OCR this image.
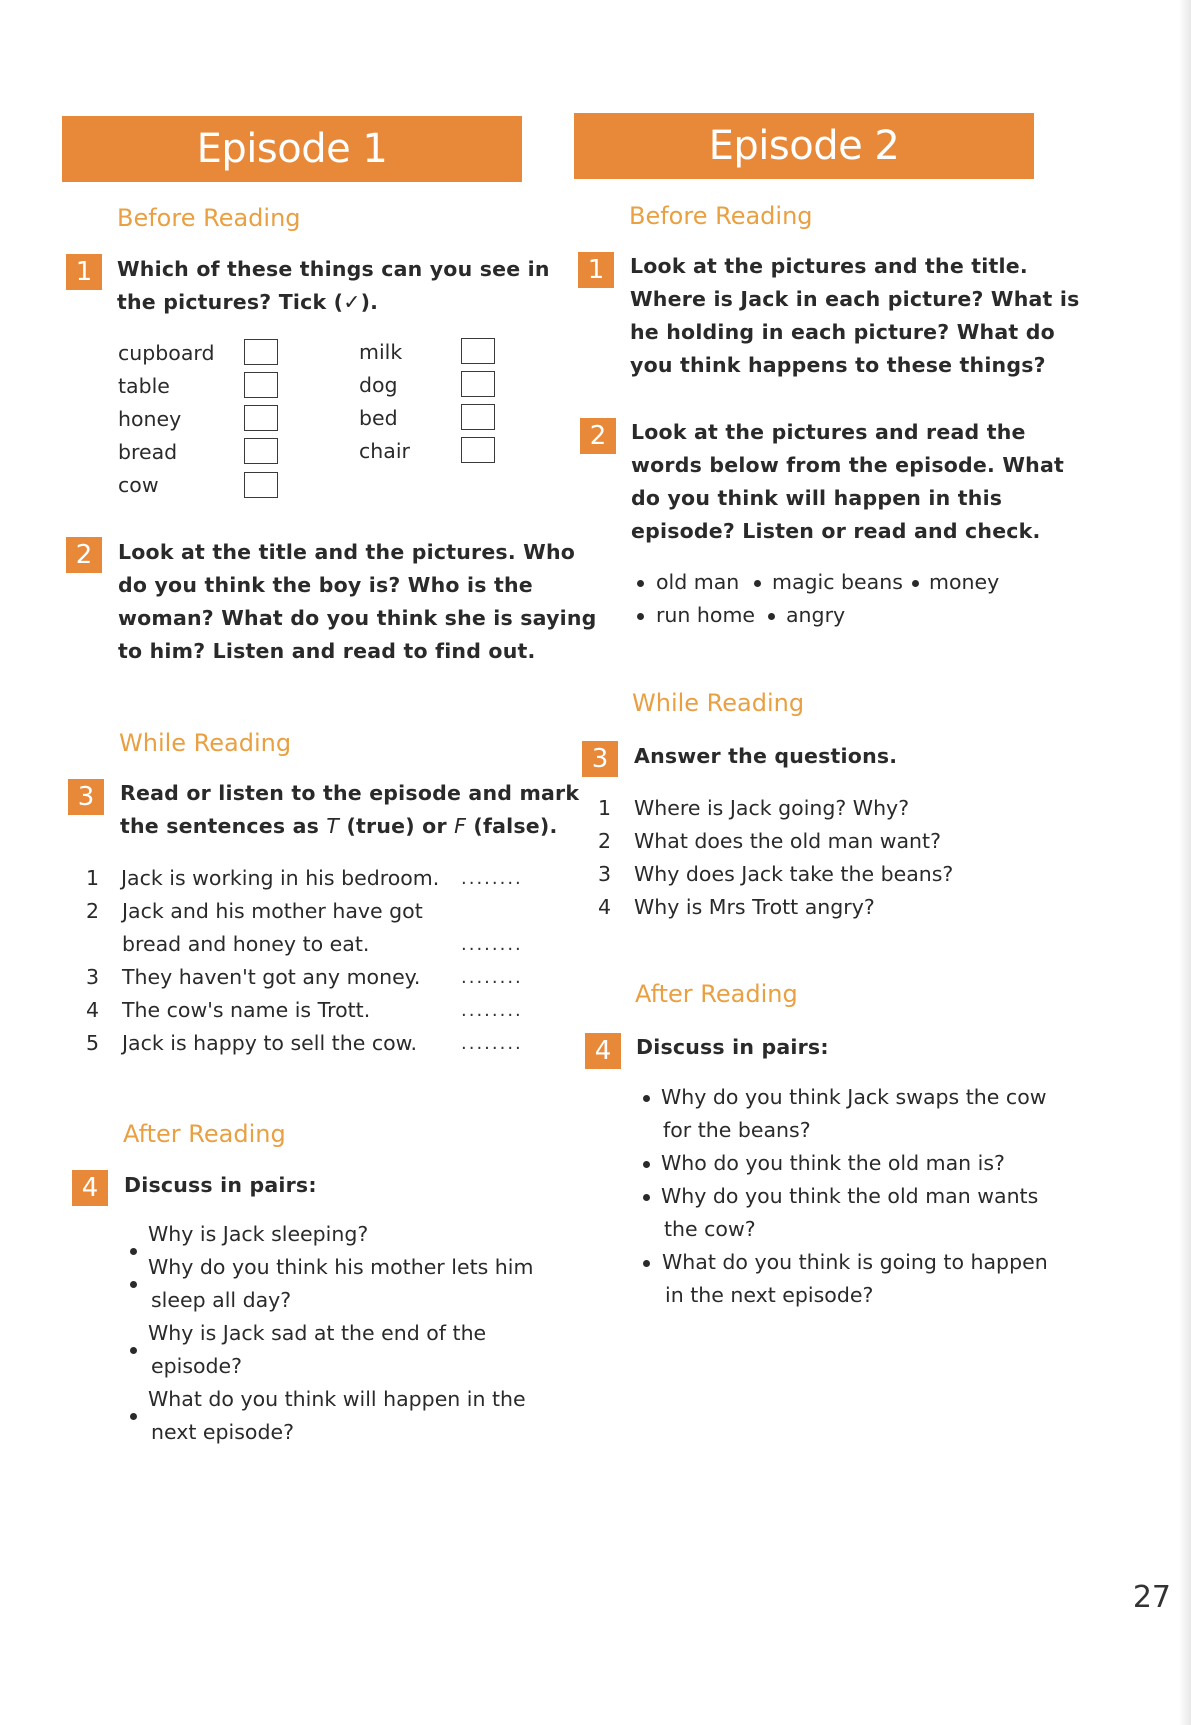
Episode 1
Before Reading
1	Which of these things can you see in
the pictures? Tick (✓).
cupboard
table
honey
bread
cow
milk
dog
bed
chair
2	Look at the title and the pictures. Who
do you think the boy is? Who is the
woman? What do you think she is saying
to him? Listen and read to find out.
While Reading
3	Read or listen to the episode and mark
the sentences as T (true) or F (false).
1 Jack is working in his bedroom. ........
2 Jack and his mother have got
bread and honey to eat.	........
3 They haven't got any money. ........
4 The cow's name is Trott.	........
5 Jack is happy to sell the cow. ........
After Reading
4	Discuss in pairs:
Why is Jack sleeping?
Why do you think his mother lets him
sleep all day?
Why is Jack sad at the end of the
episode?
What do you think will happen in the
next episode?
Episode 2
Before Reading
1	Look at the pictures and the title.
Where is Jack in each picture? What is
he holding in each picture? What do
you think happens to these things?
2	Look at the pictures and read the
words below from the episode. What
do you think will happen in this
episode? Listen or read and check.
old man magic beans money
run home angry
While Reading
3	Answer the questions.
1 Where is Jack going? Why?
2 What does the old man want?
3 Why does Jack take the beans?
4 Why is Mrs Trott angry?
After Reading
4	Discuss in pairs:
Why do you think Jack swaps the cow
for the beans?
Who do you think the old man is?
Why do you think the old man wants
the cow?
What do you think is going to happen
in the next episode?
27
